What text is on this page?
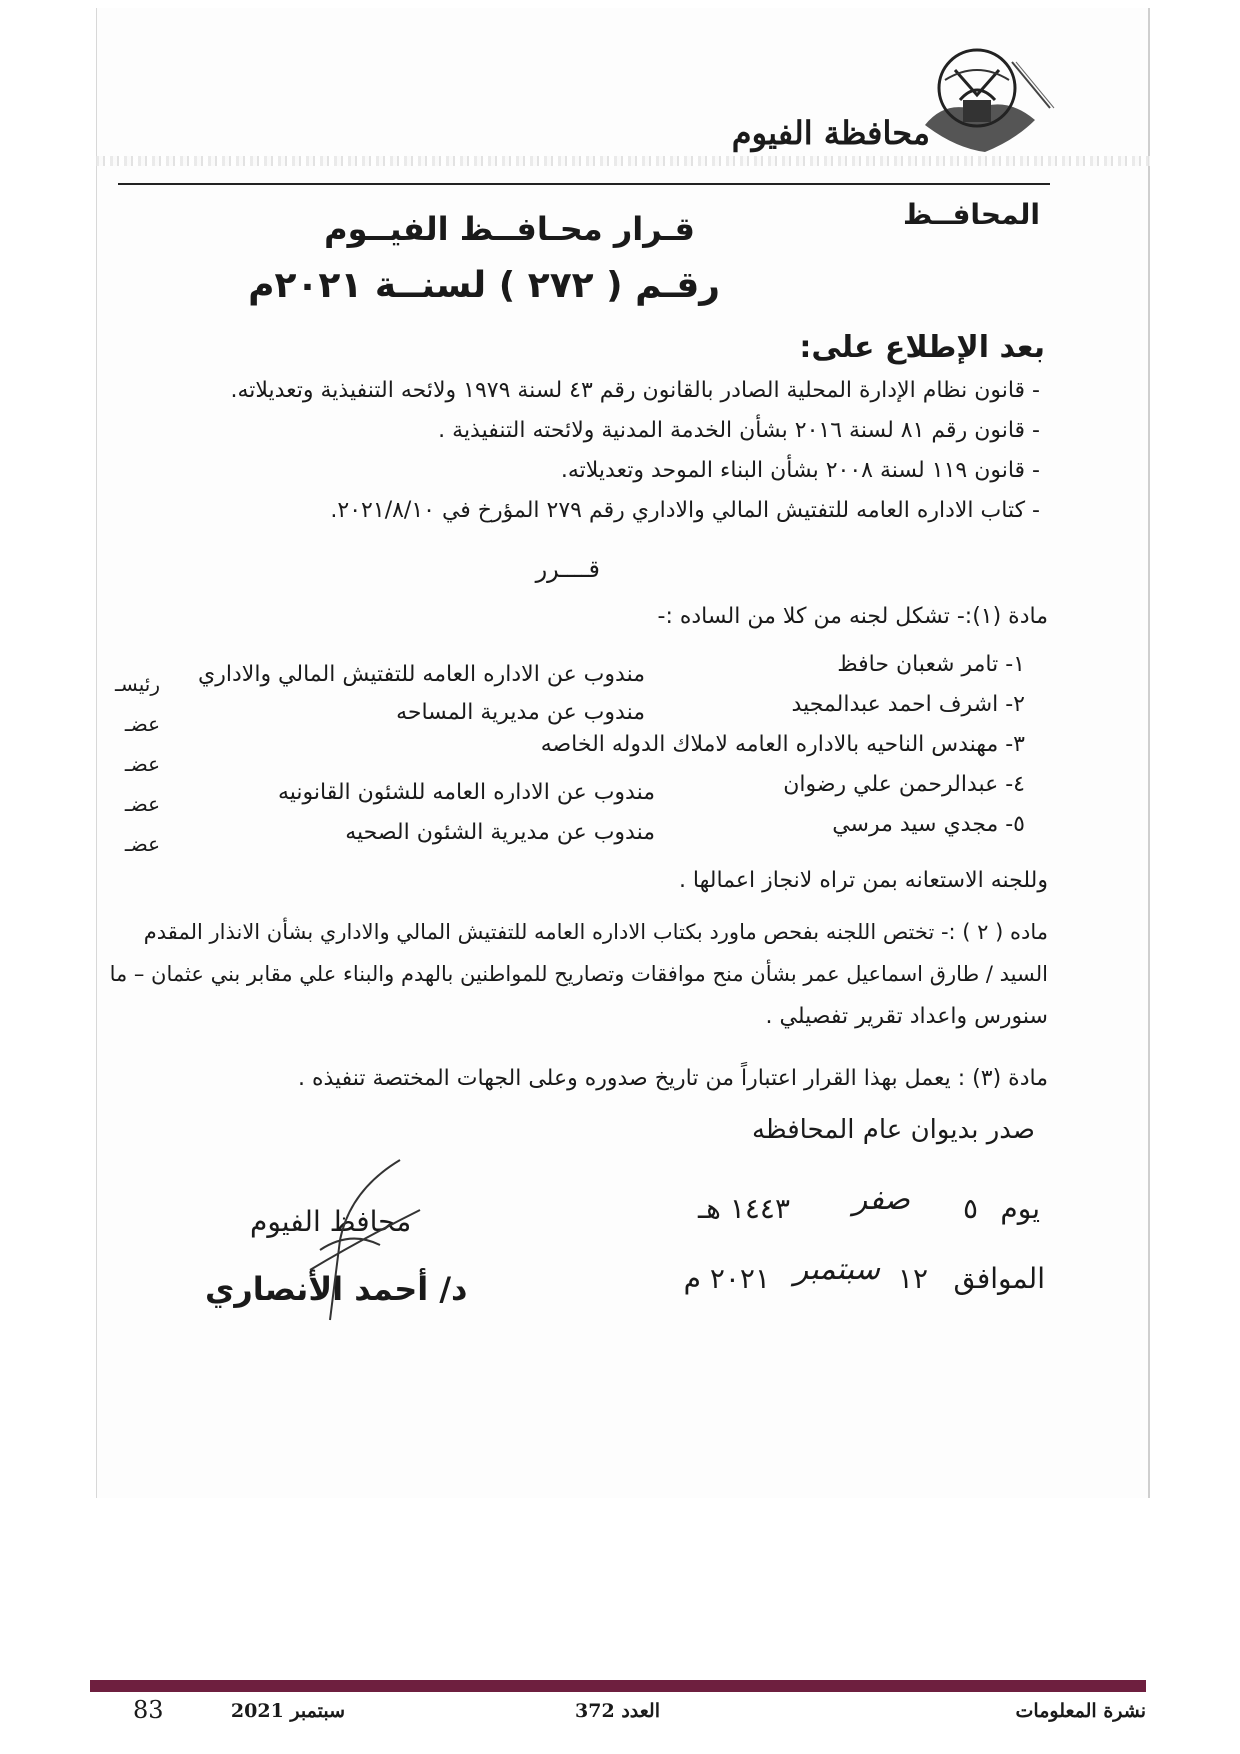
محافظة الفيوم
المحافــظ
قـرار محـافــظ الفيــوم
رقـم ( ٢٧٢ ) لسنــة ٢٠٢١م
بعد الإطلاع على:
- قانون نظام الإدارة المحلية الصادر بالقانون رقم ٤٣ لسنة ١٩٧٩ ولائحه التنفيذية وتعديلاته.
- قانون رقم ٨١ لسنة ٢٠١٦ بشأن الخدمة المدنية ولائحته التنفيذية .
- قانون ١١٩ لسنة ٢٠٠٨ بشأن البناء الموحد وتعديلاته.
- كتاب الاداره العامه للتفتيش المالي والاداري رقم ٢٧٩ المؤرخ في ٢٠٢١/٨/١٠.
قــــرر
مادة (١):- تشكل لجنه من كلا من الساده :-
١- تامر شعبان حافظ
مندوب عن الاداره العامه للتفتيش المالي والاداري
رئيسـ
٢- اشرف احمد عبدالمجيد
مندوب عن مديرية المساحه
عضـ
٣- مهندس الناحيه بالاداره العامه لاملاك الدوله الخاصه
عضـ
٤- عبدالرحمن علي رضوان
مندوب عن الاداره العامه للشئون القانونيه
عضـ
٥- مجدي سيد مرسي
مندوب عن مديرية الشئون الصحيه
عضـ
وللجنه الاستعانه بمن تراه لانجاز اعمالها .
ماده ( ٢ ) :- تختص اللجنه بفحص ماورد بكتاب الاداره العامه للتفتيش المالي والاداري بشأن الانذار المقدم
السيد / طارق اسماعيل عمر بشأن منح موافقات وتصاريح للمواطنين بالهدم والبناء علي مقابر بني عثمان – ما
سنورس واعداد تقرير تفصيلي .
مادة (٣) : يعمل بهذا القرار اعتباراً من تاريخ صدوره وعلى الجهات المختصة تنفيذه .
صدر بديوان عام المحافظه
يوم
٥
صفر
١٤٤٣ هـ
الموافق
١٢
سبتمبر
٢٠٢١ م
محافظ الفيوم
د/ أحمد الأنصاري
نشرة المعلومات
العدد 372
سبتمبر 2021
83
